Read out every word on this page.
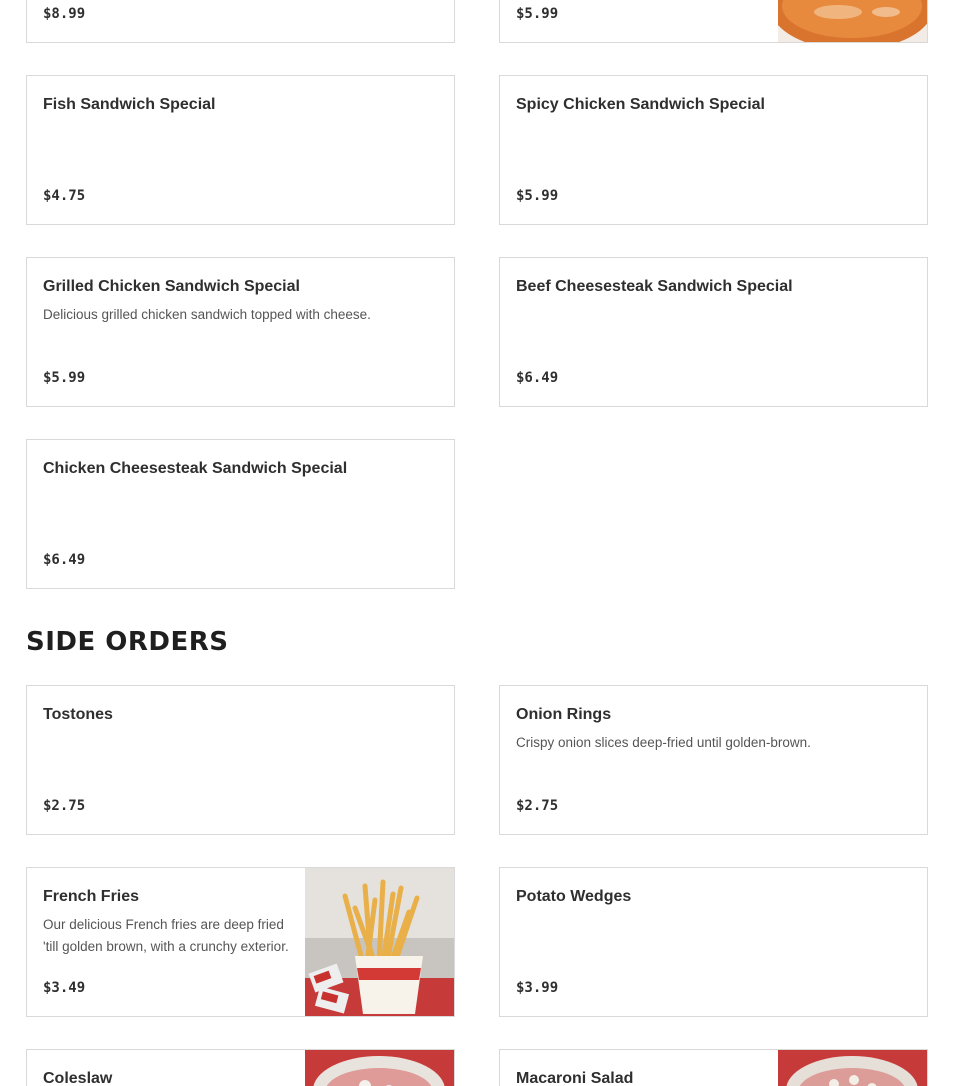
$8.99	$5.99
Fish Sandwich Special
$4.75
Spicy Chicken Sandwich Special
$5.99
Grilled Chicken Sandwich Special
Delicious grilled chicken sandwich topped with cheese.
$5.99
Beef Cheesesteak Sandwich Special
$6.49
Chicken Cheesesteak Sandwich Special
$6.49
SIDE ORDERS
Tostones
$2.75
Onion Rings
Crispy onion slices deep-fried until golden-brown.
$2.75
French Fries
Our delicious French fries are deep fried 'till golden brown, with a crunchy exterior.
$3.49
Potato Wedges
$3.99
Coleslaw	Macaroni Salad
